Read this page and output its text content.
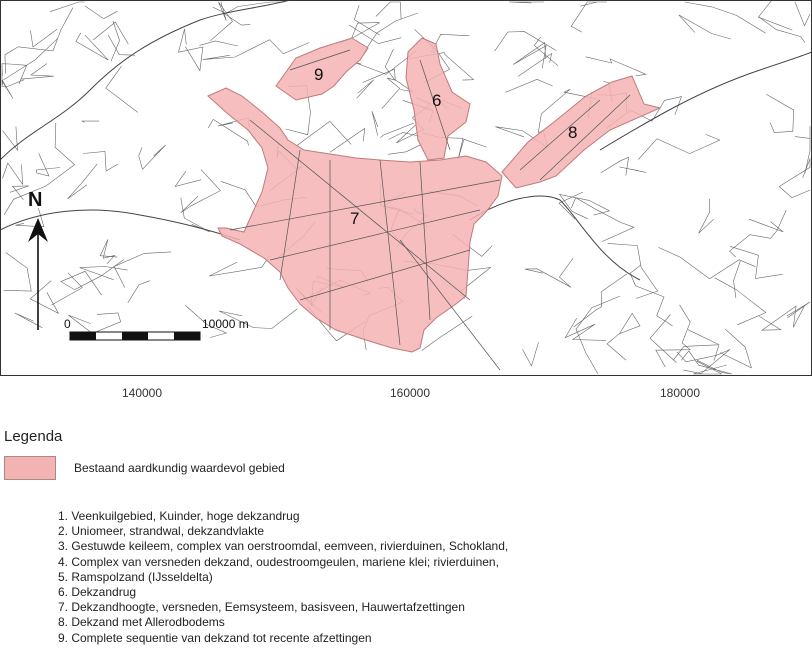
9
6
8
7
N
0	10000 m
140000	160000	180000
Legenda
Bestaand aardkundig waardevol gebied
1. Veenkuilgebied, Kuinder, hoge dekzandrug
2. Uniomeer, strandwal, dekzandvlakte
3. Gestuwde keileem, complex van oerstroomdal, eemveen, rivierduinen, Schokland,
4. Complex van versneden dekzand, oudestroomgeulen, mariene klei; rivierduinen,
5. Ramspolzand (IJsseldelta)
6. Dekzandrug
7. Dekzandhoogte, versneden, Eemsysteem, basisveen, Hauwertafzettingen
8. Dekzand met Allerodbodems
9. Complete sequentie van dekzand tot recente afzettingen
